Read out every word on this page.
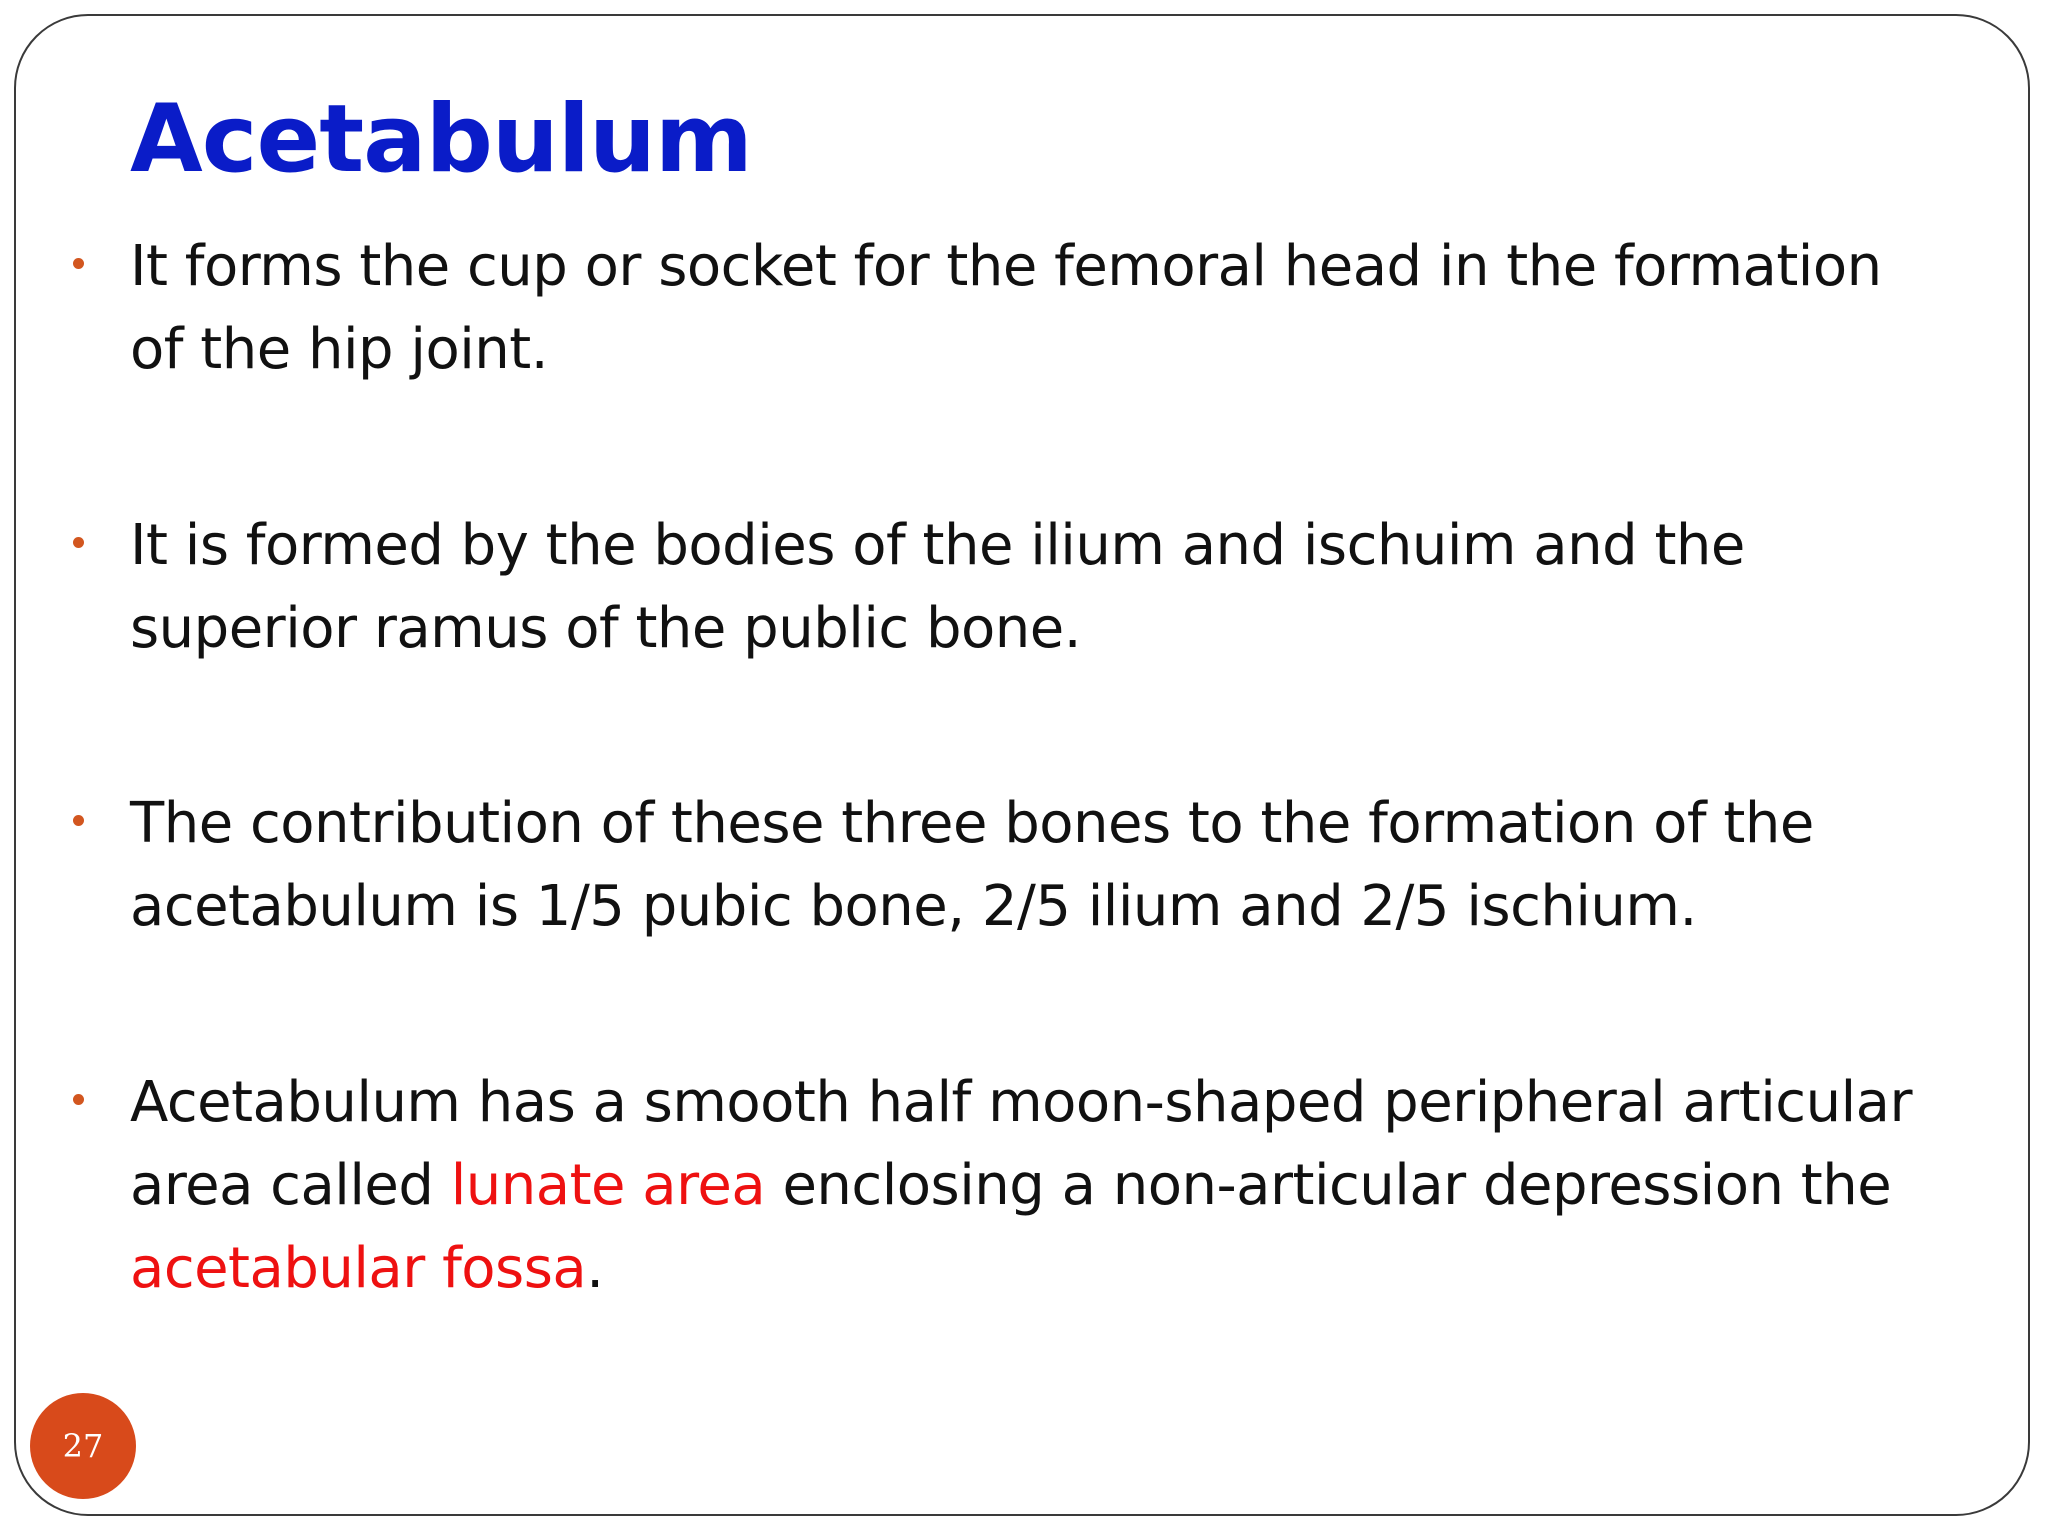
Acetabulum
It forms the cup or socket for the femoral head in the formation of the hip joint.
It is formed by the bodies of the ilium and ischuim and the superior ramus of the public bone.
The contribution of these three bones to the formation of the acetabulum is 1/5 pubic bone, 2/5 ilium and 2/5 ischium.
Acetabulum has a smooth half moon-shaped peripheral articular area called lunate area enclosing a non-articular depression the acetabular fossa.
27
